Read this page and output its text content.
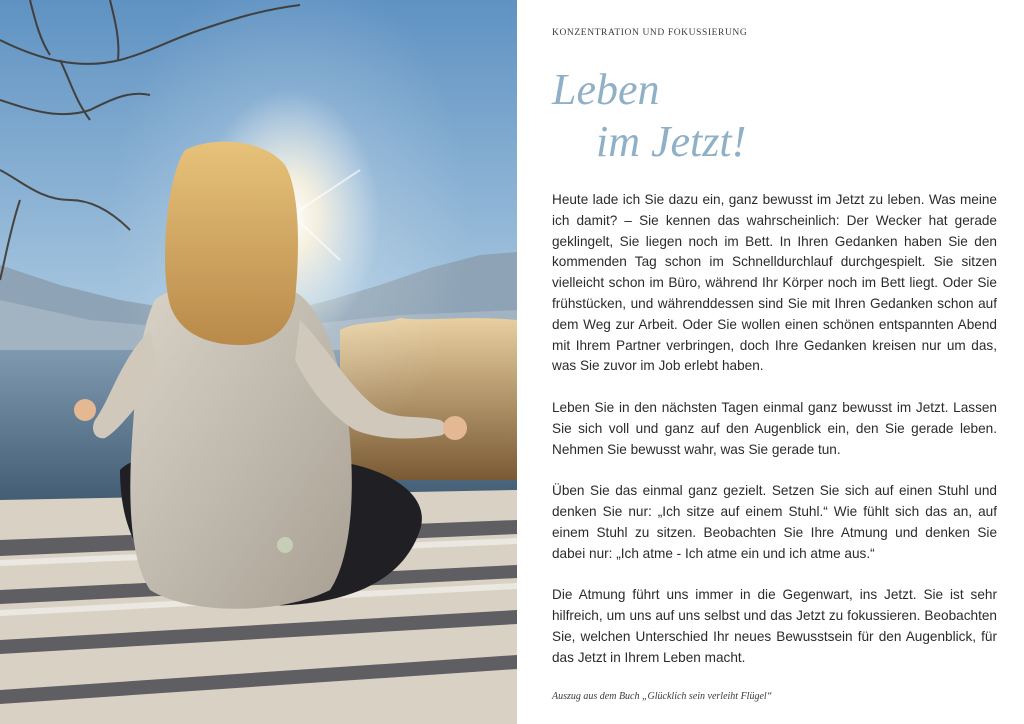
KONZENTRATION UND FOKUSSIERUNG
Leben
im Jetzt!

Heute lade ich Sie dazu ein, ganz bewusst im Jetzt zu leben. Was meine ich damit? – Sie kennen das wahrscheinlich: Der Wecker hat gerade geklingelt, Sie liegen noch im Bett. In Ihren Gedanken haben Sie den kommenden Tag schon im Schnelldurchlauf durchgespielt. Sie sitzen vielleicht schon im Büro, während Ihr Körper noch im Bett liegt. Oder Sie frühstücken, und währenddessen sind Sie mit Ihren Gedanken schon auf dem Weg zur Arbeit. Oder Sie wollen einen schönen entspannten Abend mit Ihrem Partner verbringen, doch Ihre Gedanken kreisen nur um das, was Sie zuvor im Job erlebt haben.

Leben Sie in den nächsten Tagen einmal ganz bewusst im Jetzt. Lassen Sie sich voll und ganz auf den Augenblick ein, den Sie gerade leben. Nehmen Sie bewusst wahr, was Sie gerade tun.

Üben Sie das einmal ganz gezielt. Setzen Sie sich auf einen Stuhl und denken Sie nur: „Ich sitze auf einem Stuhl.“ Wie fühlt sich das an, auf einem Stuhl zu sitzen. Beobachten Sie Ihre Atmung und denken Sie dabei nur: „Ich atme - Ich atme ein und ich atme aus.“

Die Atmung führt uns immer in die Gegenwart, ins Jetzt. Sie ist sehr hilfreich, um uns auf uns selbst und das Jetzt zu fokussieren. Beobachten Sie, welchen Unterschied Ihr neues Bewusstsein für den Augenblick, für das Jetzt in Ihrem Leben macht.

Auszug aus dem Buch „Glücklich sein verleiht Flügel“
